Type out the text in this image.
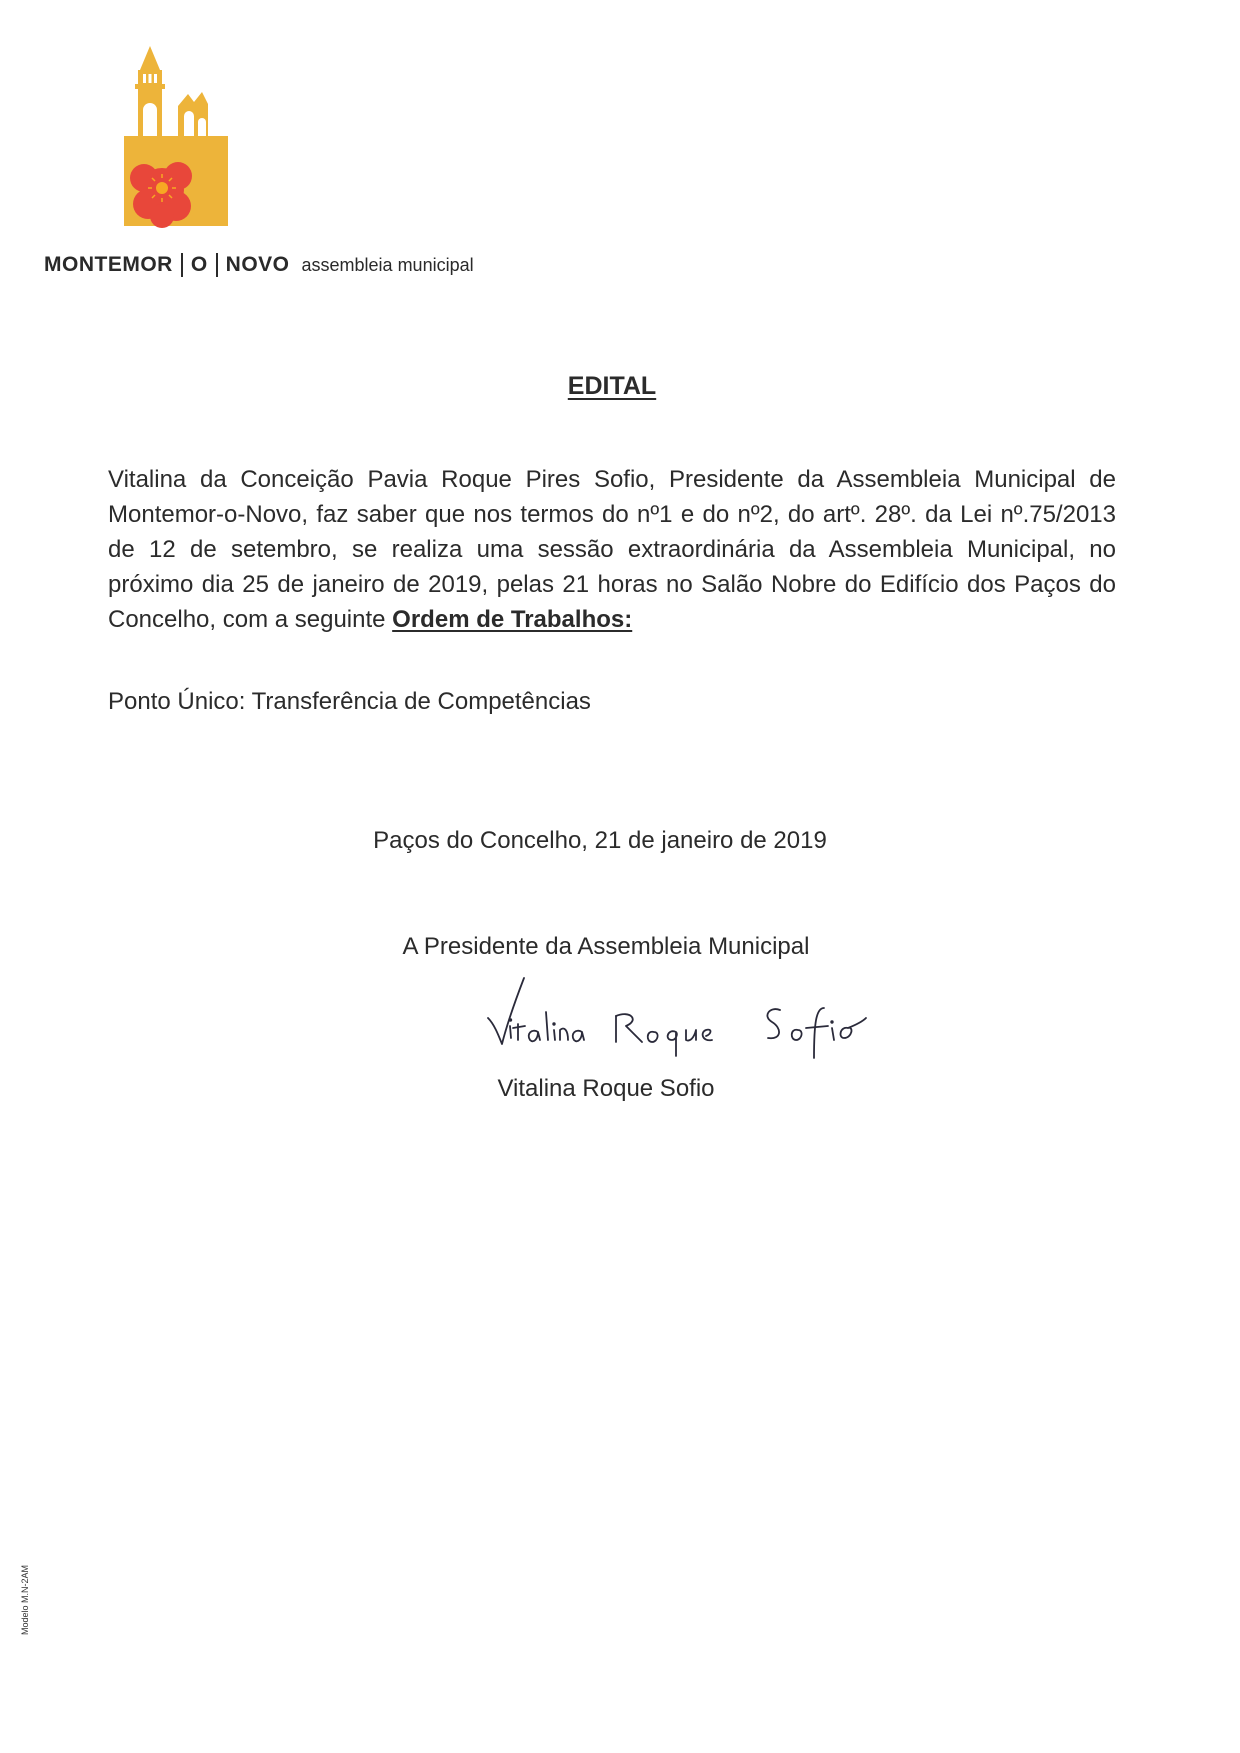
MONTEMOR O NOVO assembleia municipal
EDITAL
Vitalina da Conceição Pavia Roque Pires Sofio, Presidente da Assembleia Municipal de Montemor-o-Novo, faz saber que nos termos do nº1 e do nº2, do artº. 28º. da Lei nº.75/2013 de 12 de setembro, se realiza uma sessão extraordinária da Assembleia Municipal, no próximo dia 25 de janeiro de 2019, pelas 21 horas no Salão Nobre do Edifício dos Paços do Concelho, com a seguinte Ordem de Trabalhos:
Ponto Único: Transferência de Competências
Paços do Concelho, 21 de janeiro de 2019
A Presidente da Assembleia Municipal
Vitalina Roque Sofio
Modelo M.N-2AM
